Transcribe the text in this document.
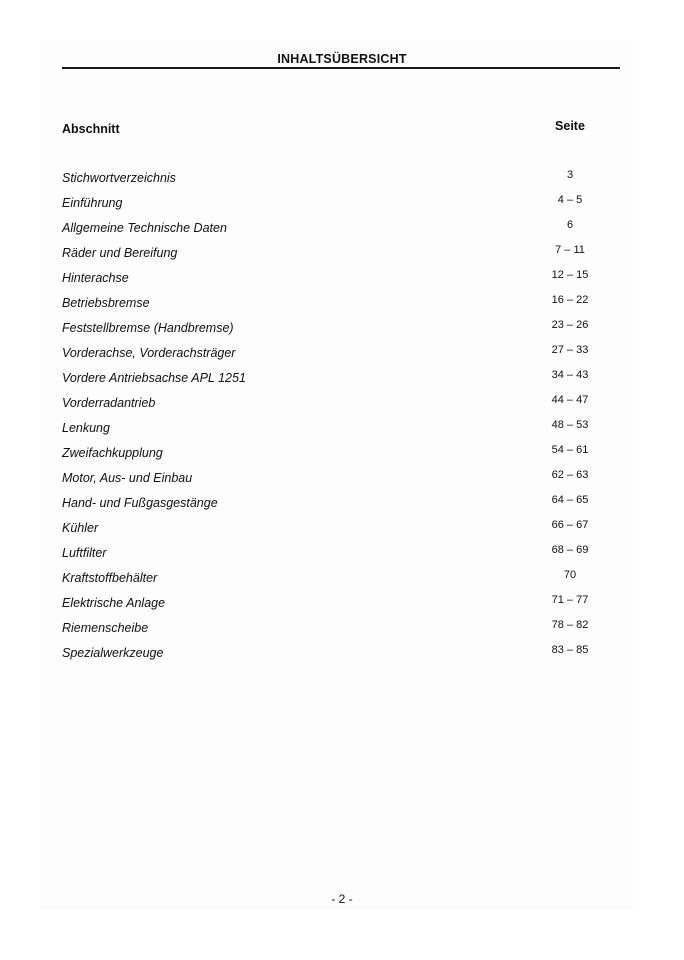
INHALTSÜBERSICHT
Abschnitt	Seite
Stichwortverzeichnis	3
Einführung	4 – 5
Allgemeine Technische Daten	6
Räder und Bereifung	7 – 11
Hinterachse	12 – 15
Betriebsbremse	16 – 22
Feststellbremse (Handbremse)	23 – 26
Vorderachse, Vorderachsträger	27 – 33
Vordere Antriebsachse APL 1251	34 – 43
Vorderradantrieb	44 – 47
Lenkung	48 – 53
Zweifachkupplung	54 – 61
Motor, Aus- und Einbau	62 – 63
Hand- und Fußgasgestänge	64 – 65
Kühler	66 – 67
Luftfilter	68 – 69
Kraftstoffbehälter	70
Elektrische Anlage	71 – 77
Riemenscheibe	78 – 82
Spezialwerkzeuge	83 – 85
- 2 -
